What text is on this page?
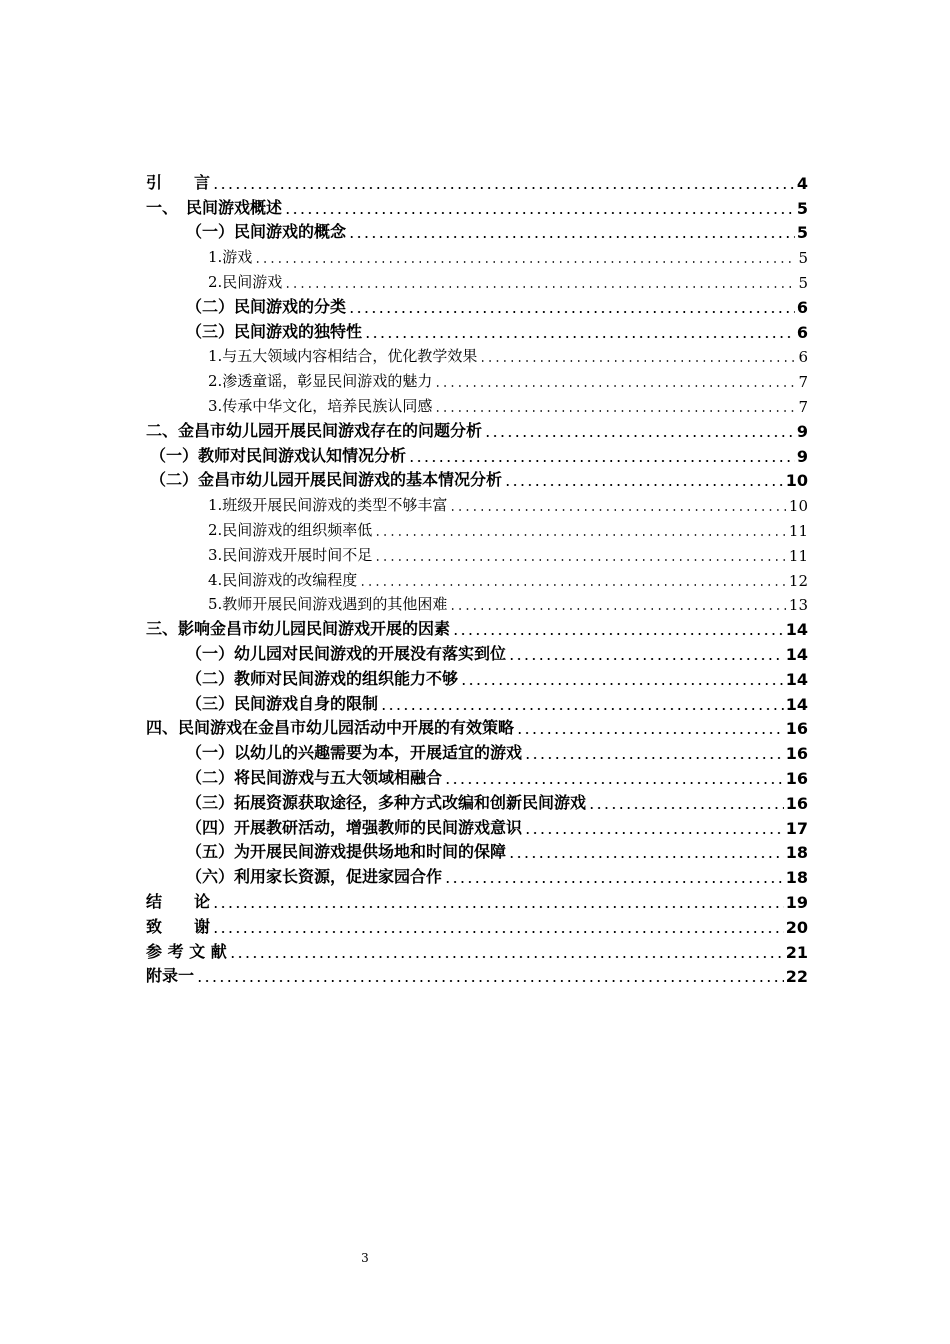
引　　言	4
一、　民间游戏概述	5
（一）民间游戏的概念	5
1.游戏	5
2.民间游戏	5
（二）民间游戏的分类	6
（三）民间游戏的独特性	6
1.与五大领域内容相结合，优化教学效果	6
2.渗透童谣，彰显民间游戏的魅力	7
3.传承中华文化，培养民族认同感	7
二、金昌市幼儿园开展民间游戏存在的问题分析	9
（一）教师对民间游戏认知情况分析	9
（二）金昌市幼儿园开展民间游戏的基本情况分析	10
1.班级开展民间游戏的类型不够丰富	10
2.民间游戏的组织频率低	11
3.民间游戏开展时间不足	11
4.民间游戏的改编程度	12
5.教师开展民间游戏遇到的其他困难	13
三、影响金昌市幼儿园民间游戏开展的因素	14
（一）幼儿园对民间游戏的开展没有落实到位	14
（二）教师对民间游戏的组织能力不够	14
（三）民间游戏自身的限制	14
四、民间游戏在金昌市幼儿园活动中开展的有效策略	16
（一）以幼儿的兴趣需要为本，开展适宜的游戏	16
（二）将民间游戏与五大领域相融合	16
（三）拓展资源获取途径，多种方式改编和创新民间游戏	16
（四）开展教研活动，增强教师的民间游戏意识	17
（五）为开展民间游戏提供场地和时间的保障	18
（六）利用家长资源，促进家园合作	18
结　　论	19
致　　谢	20
参 考 文 献	21
附录一	22
3
